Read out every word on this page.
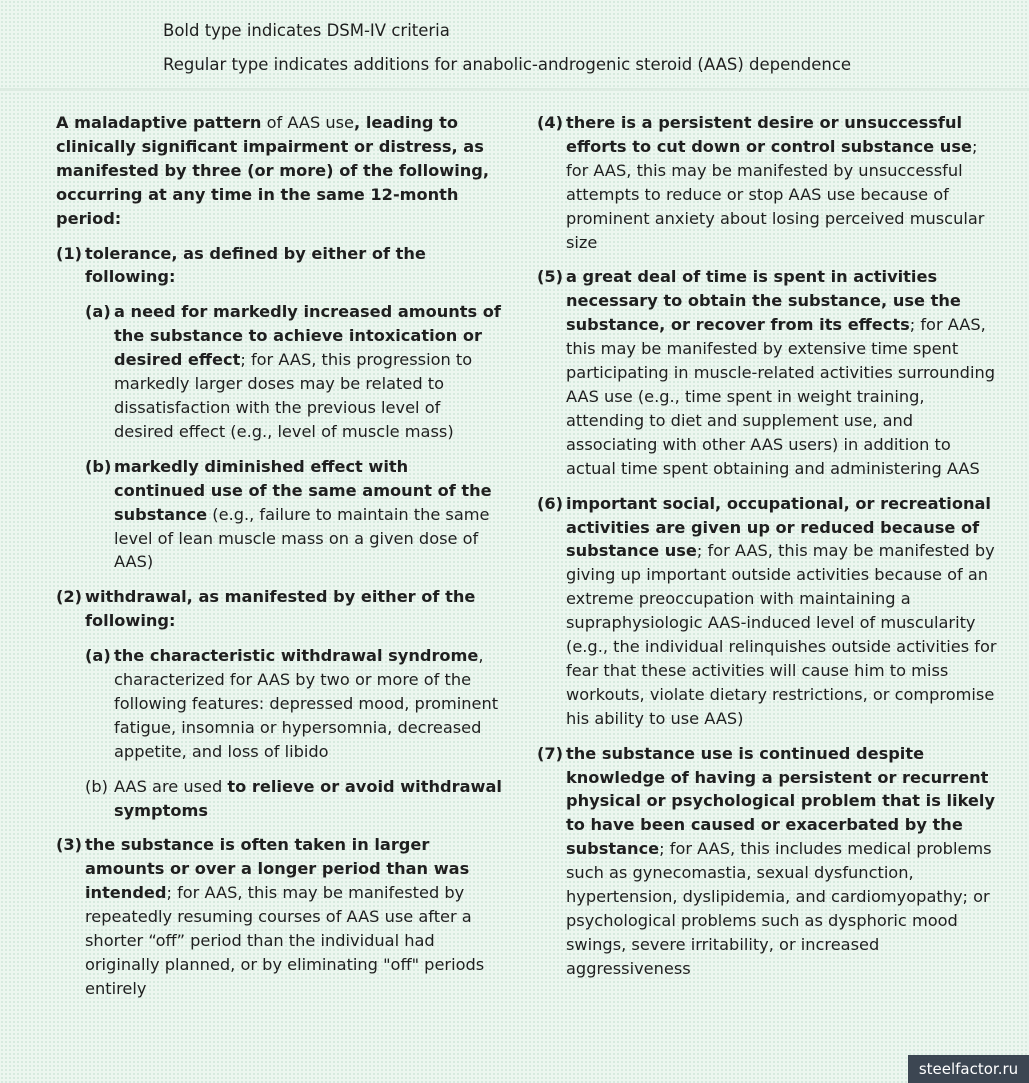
Bold type indicates DSM-IV criteria
Regular type indicates additions for anabolic-androgenic steroid (AAS) dependence

A maladaptive pattern of AAS use, leading to clinically significant impairment or distress, as manifested by three (or more) of the following, occurring at any time in the same 12-month period:

(1) tolerance, as defined by either of the following:
(a) a need for markedly increased amounts of the substance to achieve intoxication or desired effect; for AAS, this progression to markedly larger doses may be related to dissatisfaction with the previous level of desired effect (e.g., level of muscle mass)
(b) markedly diminished effect with continued use of the same amount of the substance (e.g., failure to maintain the same level of lean muscle mass on a given dose of AAS)
(2) withdrawal, as manifested by either of the following:
(a) the characteristic withdrawal syndrome, characterized for AAS by two or more of the following features: depressed mood, prominent fatigue, insomnia or hypersomnia, decreased appetite, and loss of libido
(b) AAS are used to relieve or avoid withdrawal symptoms
(3) the substance is often taken in larger amounts or over a longer period than was intended; for AAS, this may be manifested by repeatedly resuming courses of AAS use after a shorter “off” period than the individual had originally planned, or by eliminating "off" periods entirely
(4) there is a persistent desire or unsuccessful efforts to cut down or control substance use; for AAS, this may be manifested by unsuccessful attempts to reduce or stop AAS use because of prominent anxiety about losing perceived muscular size
(5) a great deal of time is spent in activities necessary to obtain the substance, use the substance, or recover from its effects; for AAS, this may be manifested by extensive time spent participating in muscle-related activities surrounding AAS use (e.g., time spent in weight training, attending to diet and supplement use, and associating with other AAS users) in addition to actual time spent obtaining and administering AAS
(6) important social, occupational, or recreational activities are given up or reduced because of substance use; for AAS, this may be manifested by giving up important outside activities because of an extreme preoccupation with maintaining a supraphysiologic AAS-induced level of muscularity (e.g., the individual relinquishes outside activities for fear that these activities will cause him to miss workouts, violate dietary restrictions, or compromise his ability to use AAS)
(7) the substance use is continued despite knowledge of having a persistent or recurrent physical or psychological problem that is likely to have been caused or exacerbated by the substance; for AAS, this includes medical problems such as gynecomastia, sexual dysfunction, hypertension, dyslipidemia, and cardiomyopathy; or psychological problems such as dysphoric mood swings, severe irritability, or increased aggressiveness
steelfactor.ru
